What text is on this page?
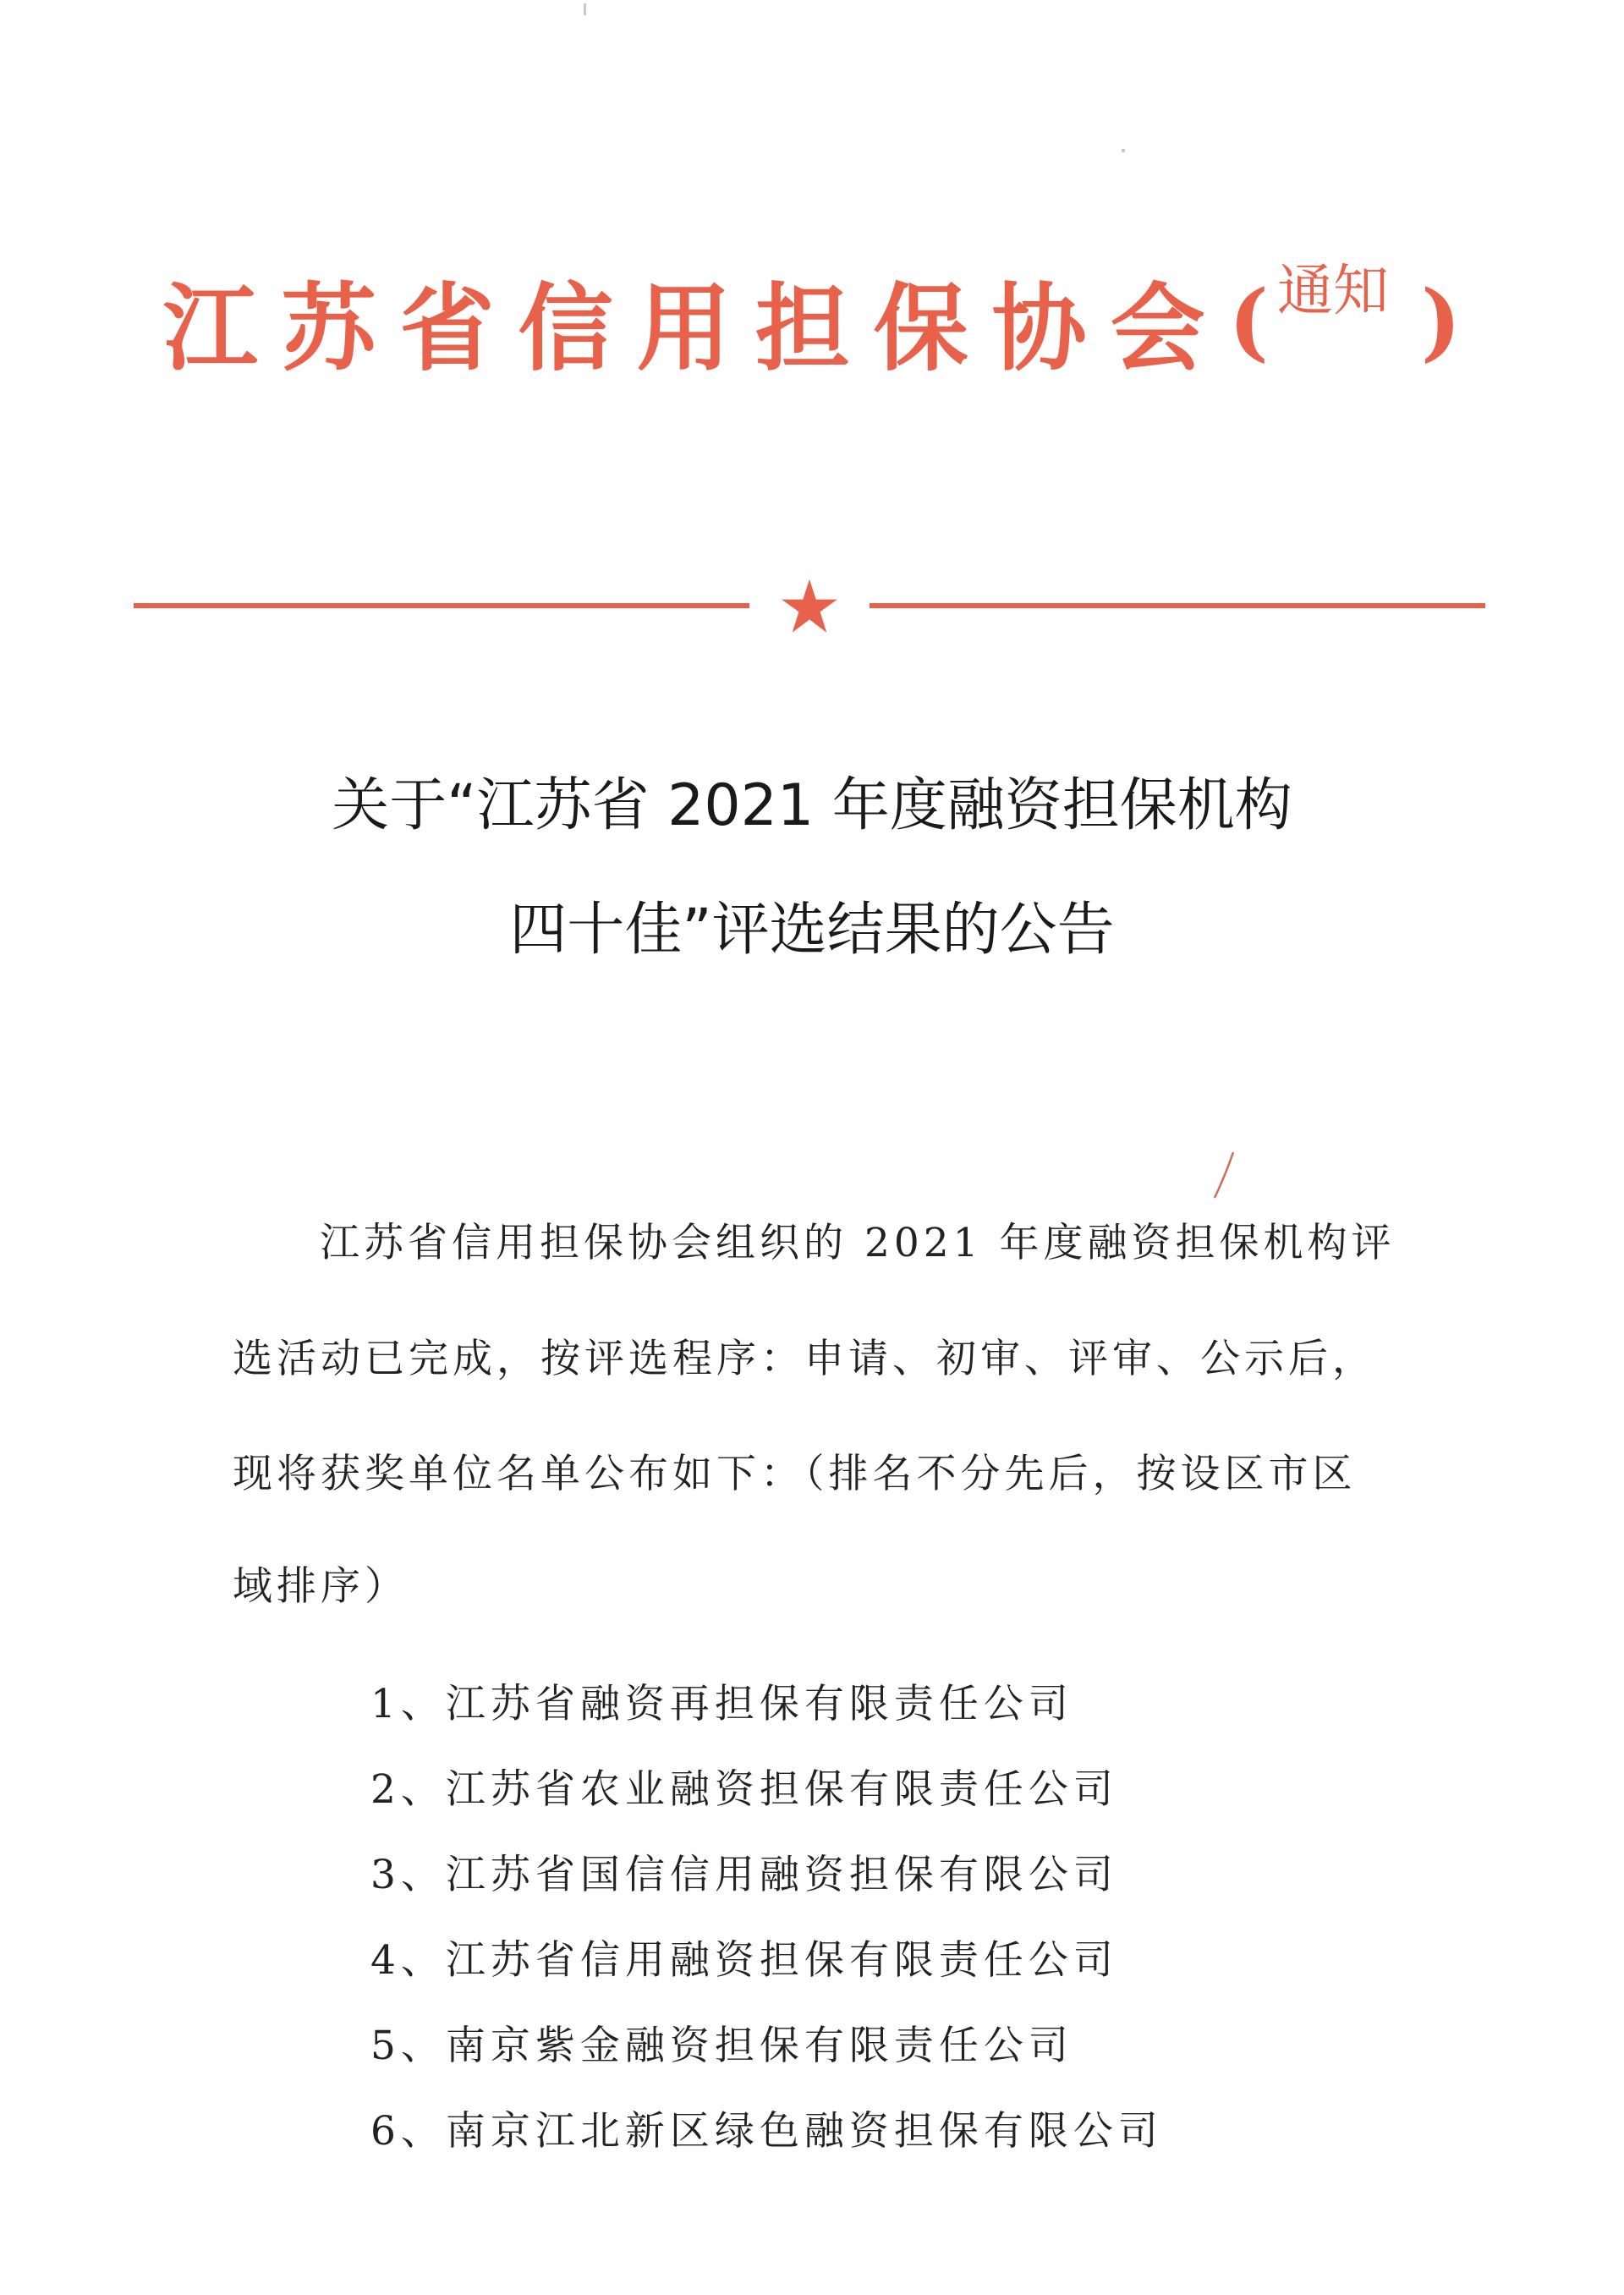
江苏省信用担保协会( 通知 )
关于“江苏省 2021 年度融资担保机构
四十佳”评选结果的公告
江苏省信用担保协会组织的 2021 年度融资担保机构评
选活动已完成，按评选程序：申请、初审、评审、公示后，
现将获奖单位名单公布如下：（排名不分先后，按设区市区
域排序）
1、江苏省融资再担保有限责任公司
2、江苏省农业融资担保有限责任公司
3、江苏省国信信用融资担保有限公司
4、江苏省信用融资担保有限责任公司
5、南京紫金融资担保有限责任公司
6、南京江北新区绿色融资担保有限公司
